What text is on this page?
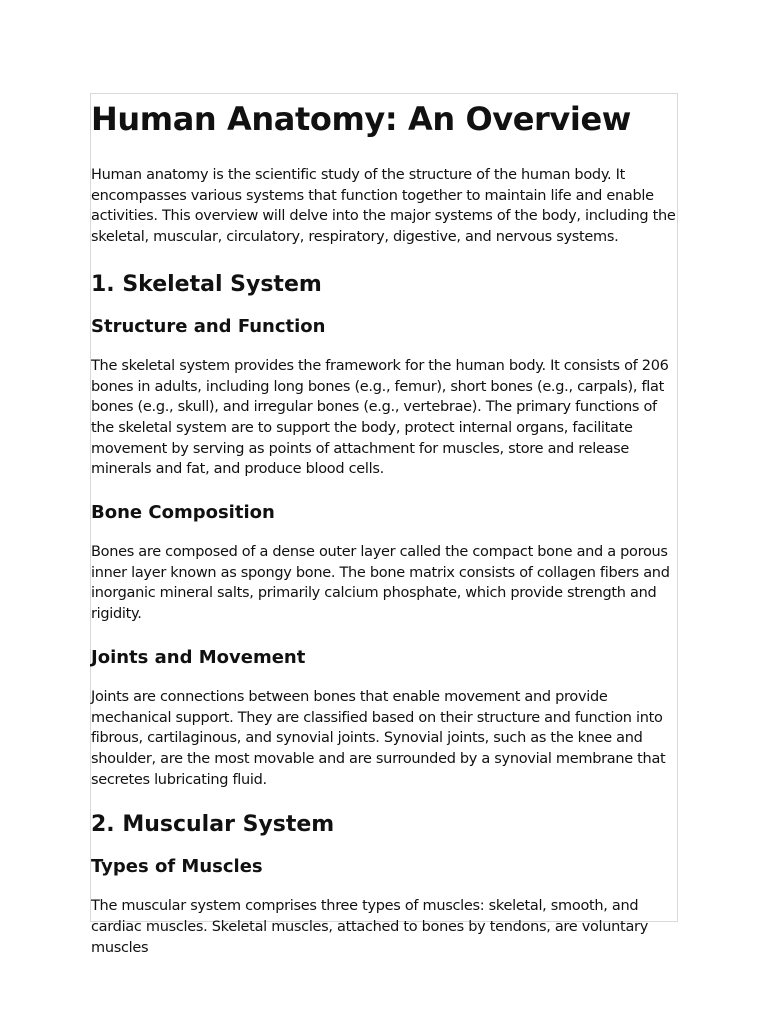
Human Anatomy: An Overview

Human anatomy is the scientific study of the structure of the human body. It encompasses various systems that function together to maintain life and enable activities. This overview will delve into the major systems of the body, including the skeletal, muscular, circulatory, respiratory, digestive, and nervous systems.

1. Skeletal System
Structure and Function

The skeletal system provides the framework for the human body. It consists of 206 bones in adults, including long bones (e.g., femur), short bones (e.g., carpals), flat bones (e.g., skull), and irregular bones (e.g., vertebrae). The primary functions of the skeletal system are to support the body, protect internal organs, facilitate movement by serving as points of attachment for muscles, store and release minerals and fat, and produce blood cells.

Bone Composition

Bones are composed of a dense outer layer called the compact bone and a porous inner layer known as spongy bone. The bone matrix consists of collagen fibers and inorganic mineral salts, primarily calcium phosphate, which provide strength and rigidity.

Joints and Movement

Joints are connections between bones that enable movement and provide mechanical support. They are classified based on their structure and function into fibrous, cartilaginous, and synovial joints. Synovial joints, such as the knee and shoulder, are the most movable and are surrounded by a synovial membrane that secretes lubricating fluid.

2. Muscular System
Types of Muscles

The muscular system comprises three types of muscles: skeletal, smooth, and cardiac muscles. Skeletal muscles, attached to bones by tendons, are voluntary muscles
